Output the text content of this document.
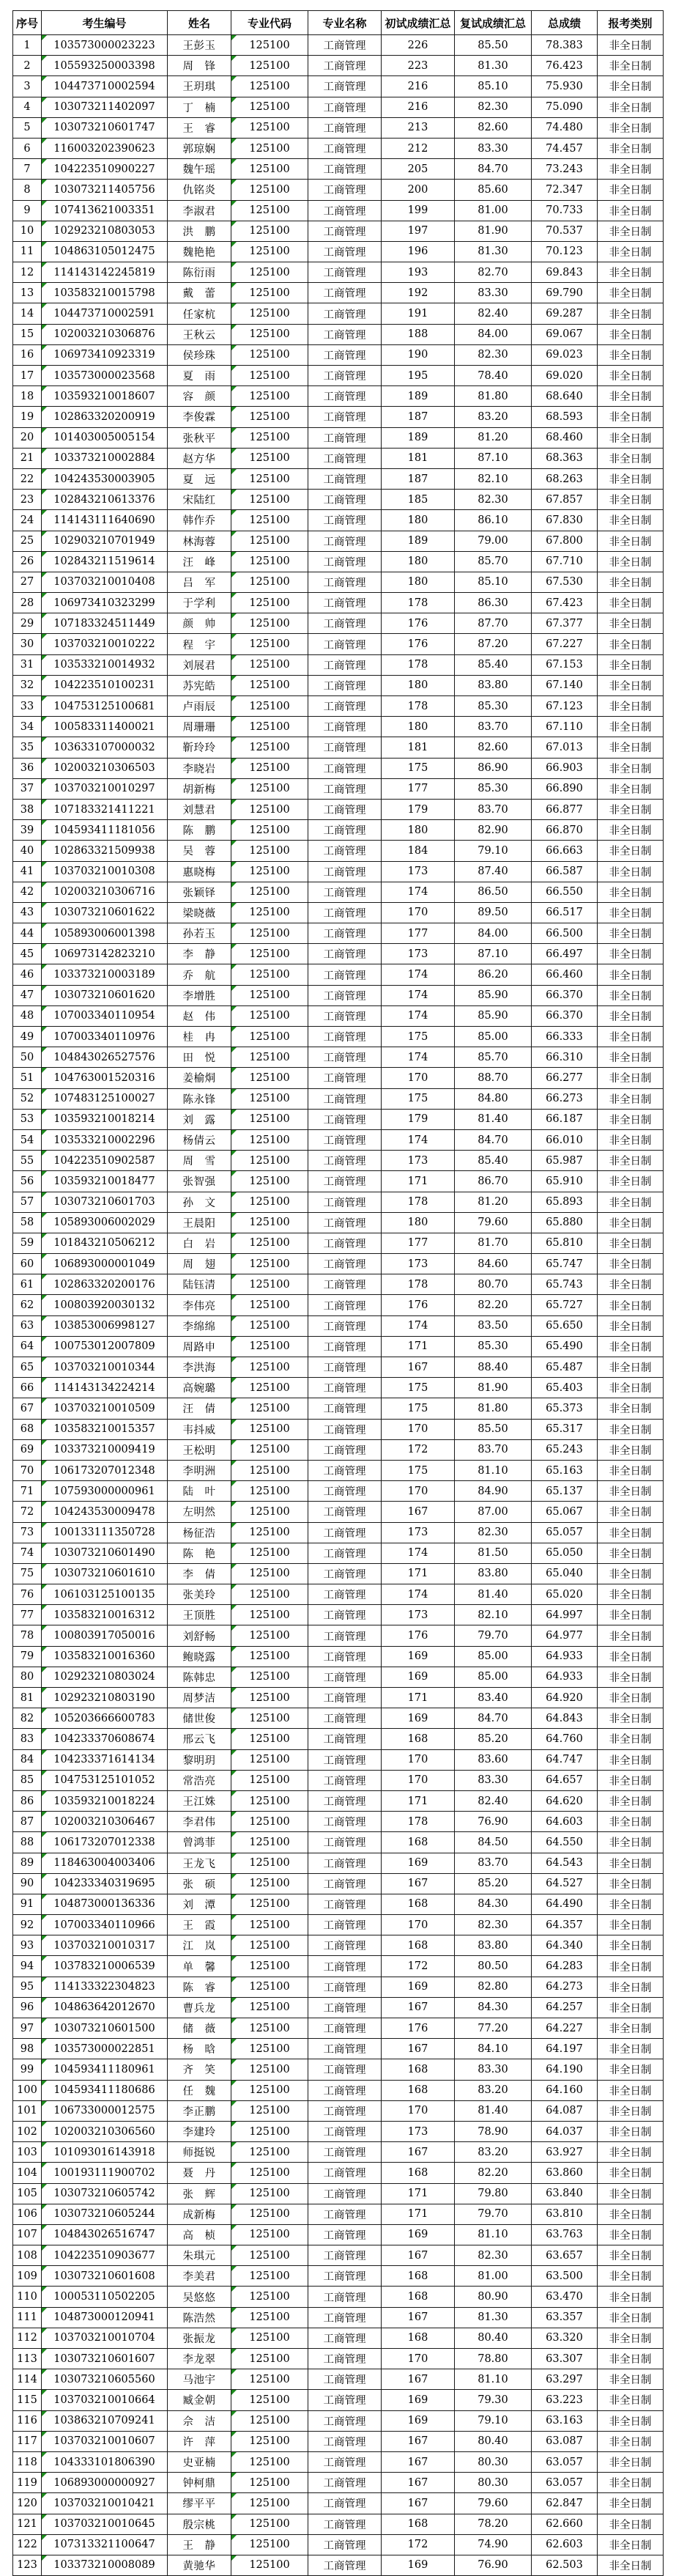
序号	考生编号	姓名	专业代码	专业名称	初试成绩汇总	复试成绩汇总	总成绩	报考类别
1	103573000023223	王彭玉	125100	工商管理	226	85.50	78.383	非全日制
2	105593250003398	周　锋	125100	工商管理	223	81.30	76.423	非全日制
3	104473710002594	王玥琪	125100	工商管理	216	85.10	75.930	非全日制
4	103073211402097	丁　楠	125100	工商管理	216	82.30	75.090	非全日制
5	103073210601747	王　睿	125100	工商管理	213	82.60	74.480	非全日制
6	116003202390623	郭琼娴	125100	工商管理	212	83.30	74.457	非全日制
7	104223510900227	魏午瑶	125100	工商管理	205	84.70	73.243	非全日制
8	103073211405756	仇铭炎	125100	工商管理	200	85.60	72.347	非全日制
9	107413621003351	李淑君	125100	工商管理	199	81.00	70.733	非全日制
10	102923210803053	洪　鹏	125100	工商管理	197	81.90	70.537	非全日制
11	104863105012475	魏艳艳	125100	工商管理	196	81.30	70.123	非全日制
12	114143142245819	陈衍雨	125100	工商管理	193	82.70	69.843	非全日制
13	103583210015798	戴　蕾	125100	工商管理	192	83.30	69.790	非全日制
14	104473710002591	任家杭	125100	工商管理	191	82.40	69.287	非全日制
15	102003210306876	王秋云	125100	工商管理	188	84.00	69.067	非全日制
16	106973410923319	侯珍珠	125100	工商管理	190	82.30	69.023	非全日制
17	103573000023568	夏　雨	125100	工商管理	195	78.40	69.020	非全日制
18	103593210018607	容　颜	125100	工商管理	189	81.80	68.640	非全日制
19	102863320200919	李俊霖	125100	工商管理	187	83.20	68.593	非全日制
20	101403005005154	张秋平	125100	工商管理	189	81.20	68.460	非全日制
21	103373210002884	赵方华	125100	工商管理	181	87.10	68.363	非全日制
22	104243530003905	夏　远	125100	工商管理	187	82.10	68.263	非全日制
23	102843210613376	宋陆红	125100	工商管理	185	82.30	67.857	非全日制
24	114143111640690	韩作乔	125100	工商管理	180	86.10	67.830	非全日制
25	102903210701949	林海蓉	125100	工商管理	189	79.00	67.800	非全日制
26	102843211519614	汪　峰	125100	工商管理	180	85.70	67.710	非全日制
27	103703210010408	吕　军	125100	工商管理	180	85.10	67.530	非全日制
28	106973410323299	于学利	125100	工商管理	178	86.30	67.423	非全日制
29	107183324511449	颜　帅	125100	工商管理	176	87.70	67.377	非全日制
30	103703210010222	程　宇	125100	工商管理	176	87.20	67.227	非全日制
31	103533210014932	刘展君	125100	工商管理	178	85.40	67.153	非全日制
32	104223510100231	苏宪皓	125100	工商管理	180	83.80	67.140	非全日制
33	104753125100681	卢雨辰	125100	工商管理	178	85.30	67.123	非全日制
34	100583311400021	周珊珊	125100	工商管理	180	83.70	67.110	非全日制
35	103633107000032	靳玲玲	125100	工商管理	181	82.60	67.013	非全日制
36	102003210306503	李晓岩	125100	工商管理	175	86.90	66.903	非全日制
37	103703210010297	胡新梅	125100	工商管理	177	85.30	66.890	非全日制
38	107183321411221	刘慧君	125100	工商管理	179	83.70	66.877	非全日制
39	104593411181056	陈　鹏	125100	工商管理	180	82.90	66.870	非全日制
40	102863321509938	吴　蓉	125100	工商管理	184	79.10	66.663	非全日制
41	103703210010308	惠晓梅	125100	工商管理	173	87.40	66.587	非全日制
42	102003210306716	张颖铎	125100	工商管理	174	86.50	66.550	非全日制
43	103073210601622	梁晓薇	125100	工商管理	170	89.50	66.517	非全日制
44	105893006001398	孙若玉	125100	工商管理	177	84.00	66.500	非全日制
45	106973142823210	李　静	125100	工商管理	173	87.10	66.497	非全日制
46	103373210003189	乔　航	125100	工商管理	174	86.20	66.460	非全日制
47	103073210601620	李增胜	125100	工商管理	174	85.90	66.370	非全日制
48	107003340110954	赵　伟	125100	工商管理	174	85.90	66.370	非全日制
49	107003340110976	桂　冉	125100	工商管理	175	85.00	66.333	非全日制
50	104843026527576	田　悦	125100	工商管理	174	85.70	66.310	非全日制
51	104763001520316	姜榆烔	125100	工商管理	170	88.70	66.277	非全日制
52	107483125100027	陈永锋	125100	工商管理	175	84.80	66.273	非全日制
53	103593210018214	刘　露	125100	工商管理	179	81.40	66.187	非全日制
54	103533210002296	杨倩云	125100	工商管理	174	84.70	66.010	非全日制
55	104223510902587	周　雪	125100	工商管理	173	85.40	65.987	非全日制
56	103593210018477	张智强	125100	工商管理	171	86.70	65.910	非全日制
57	103073210601703	孙　文	125100	工商管理	178	81.20	65.893	非全日制
58	105893006002029	王晨阳	125100	工商管理	180	79.60	65.880	非全日制
59	101843210506212	白　岩	125100	工商管理	177	81.70	65.810	非全日制
60	106893000001049	周　翅	125100	工商管理	173	84.60	65.747	非全日制
61	102863320200176	陆钰清	125100	工商管理	178	80.70	65.743	非全日制
62	100803920030132	李伟亮	125100	工商管理	176	82.20	65.727	非全日制
63	103853006998127	李绵绵	125100	工商管理	174	83.50	65.650	非全日制
64	100753012007809	周路申	125100	工商管理	171	85.30	65.490	非全日制
65	103703210010344	李洪海	125100	工商管理	167	88.40	65.487	非全日制
66	114143134224214	高婉璐	125100	工商管理	175	81.90	65.403	非全日制
67	103703210010509	汪　倩	125100	工商管理	175	81.80	65.373	非全日制
68	103583210015357	韦抖威	125100	工商管理	170	85.50	65.317	非全日制
69	103373210009419	王松明	125100	工商管理	172	83.70	65.243	非全日制
70	106173207012348	李明洲	125100	工商管理	175	81.10	65.163	非全日制
71	107593000000961	陆　叶	125100	工商管理	170	84.90	65.137	非全日制
72	104243530009478	左明然	125100	工商管理	167	87.00	65.067	非全日制
73	100133111350728	杨征浩	125100	工商管理	173	82.30	65.057	非全日制
74	103073210601490	陈　艳	125100	工商管理	174	81.50	65.050	非全日制
75	103073210601610	李　倩	125100	工商管理	171	83.80	65.040	非全日制
76	106103125100135	张美玲	125100	工商管理	174	81.40	65.020	非全日制
77	103583210016312	王顶胜	125100	工商管理	173	82.10	64.997	非全日制
78	100803917050016	刘舒畅	125100	工商管理	176	79.70	64.977	非全日制
79	103583210016360	鲍晓露	125100	工商管理	169	85.00	64.933	非全日制
80	102923210803024	陈韩忠	125100	工商管理	169	85.00	64.933	非全日制
81	102923210803190	周梦洁	125100	工商管理	171	83.40	64.920	非全日制
82	105203666600783	储世俊	125100	工商管理	169	84.70	64.843	非全日制
83	104233370608674	邢云飞	125100	工商管理	168	85.20	64.760	非全日制
84	104233371614134	黎明玥	125100	工商管理	170	83.60	64.747	非全日制
85	104753125101052	常浩亮	125100	工商管理	170	83.30	64.657	非全日制
86	103593210018224	王江姝	125100	工商管理	171	82.40	64.620	非全日制
87	102003210306467	李君伟	125100	工商管理	178	76.90	64.603	非全日制
88	106173207012338	曾鸿菲	125100	工商管理	168	84.50	64.550	非全日制
89	118463004003406	王龙飞	125100	工商管理	169	83.70	64.543	非全日制
90	104233340319695	张　硕	125100	工商管理	167	85.20	64.527	非全日制
91	104873000136336	刘　潭	125100	工商管理	168	84.30	64.490	非全日制
92	107003340110966	王　霞	125100	工商管理	170	82.30	64.357	非全日制
93	103703210010317	江　岚	125100	工商管理	168	83.80	64.340	非全日制
94	103783210006539	单　馨	125100	工商管理	172	80.50	64.283	非全日制
95	114133322304823	陈　睿	125100	工商管理	169	82.80	64.273	非全日制
96	104863642012670	曹兵龙	125100	工商管理	167	84.30	64.257	非全日制
97	103073210601500	储　薇	125100	工商管理	176	77.20	64.227	非全日制
98	103573000022851	杨　晗	125100	工商管理	167	84.10	64.197	非全日制
99	104593411180961	齐　笑	125100	工商管理	168	83.30	64.190	非全日制
100	104593411180686	任　魏	125100	工商管理	168	83.20	64.160	非全日制
101	106733000012575	李正鹏	125100	工商管理	170	81.40	64.087	非全日制
102	102003210306560	李建玲	125100	工商管理	173	78.90	64.037	非全日制
103	101093016143918	师挺锐	125100	工商管理	167	83.20	63.927	非全日制
104	100193111900702	聂　丹	125100	工商管理	168	82.20	63.860	非全日制
105	103073210605742	张　辉	125100	工商管理	171	79.80	63.840	非全日制
106	103073210605244	成新梅	125100	工商管理	171	79.70	63.810	非全日制
107	104843026516747	高　桢	125100	工商管理	169	81.10	63.763	非全日制
108	104223510903677	朱琪元	125100	工商管理	167	82.30	63.657	非全日制
109	103073210601608	李美君	125100	工商管理	168	81.00	63.500	非全日制
110	100053110502205	吴悠悠	125100	工商管理	168	80.90	63.470	非全日制
111	104873000120941	陈浩然	125100	工商管理	167	81.30	63.357	非全日制
112	103703210010704	张振龙	125100	工商管理	168	80.40	63.320	非全日制
113	103073210601607	李龙翠	125100	工商管理	170	78.80	63.307	非全日制
114	103073210605560	马池宇	125100	工商管理	167	81.10	63.297	非全日制
115	103703210010664	臧金朝	125100	工商管理	169	79.30	63.223	非全日制
116	103863210709241	佘　洁	125100	工商管理	169	79.10	63.163	非全日制
117	103703210010607	许　萍	125100	工商管理	167	80.40	63.087	非全日制
118	104333101806390	史亚楠	125100	工商管理	167	80.30	63.057	非全日制
119	106893000000927	钟柯鼎	125100	工商管理	167	80.30	63.057	非全日制
120	103703210010421	缪平平	125100	工商管理	167	79.60	62.847	非全日制
121	103703210010645	殷宗桃	125100	工商管理	168	78.20	62.660	非全日制
122	107313321100647	王　静	125100	工商管理	172	74.90	62.603	非全日制
123	103373210008089	黄驰华	125100	工商管理	169	76.90	62.503	非全日制
